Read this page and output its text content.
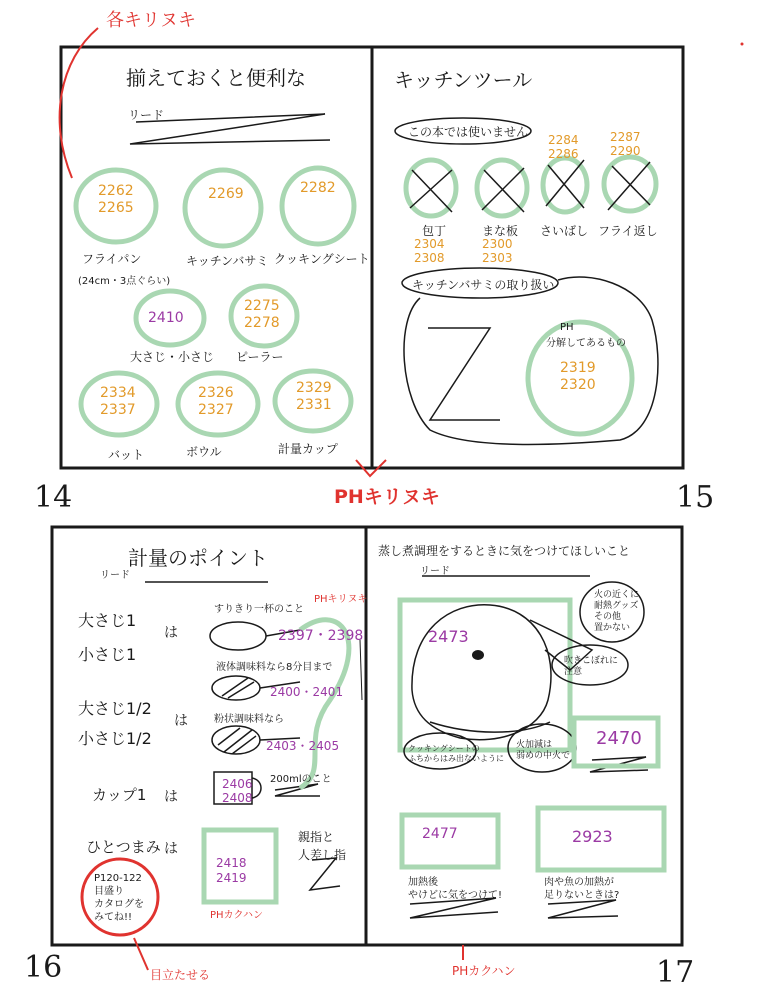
各キリヌキ
PHキリヌキ
目立たせる	PHカクハン
14	15
16	17
揃えておくと便利な
リード
2262
2265
フライパン
(24cm・3点ぐらい)
2269
キッチンバサミ
2282
クッキングシート
2410
大さじ・小さじ
2275
2278
ピーラー
2334
2337
バット
2326
2327
ボウル
2329
2331
計量カップ
キッチンツール
この本では使いません
包丁
2304
2308
まな板
2300
2303
さいばし
2284
2286
フライ返し
2287
2290
キッチンバサミの取り扱い
PH
分解してあるもの
2319
2320
計量のポイント
リード
PHキリヌキ
大さじ1
小さじ1
は
すりきり一杯のこと
2397・2398
大さじ1/2
小さじ1/2
は
液体調味料なら8分目まで
2400・2401
粉状調味料なら
2403・2405
カップ1 は
200mlのこと
2406
2408
ひとつまみ は
親指と
人差し指
2418
2419
PHカクハン
P120-122
目盛り
カタログを
みてね!!
蒸し煮調理をするときに気をつけてほしいこと
リード
2473
火の近くに
耐熱グッズ
その他
置かない
吹きこぼれに
注意
クッキングシートの
ふちからはみ出ないように
火加減は
弱めの中火で
2470
2477	2923
加熱後
やけどに気をつけて!
肉や魚の加熱が
足りないときは?
